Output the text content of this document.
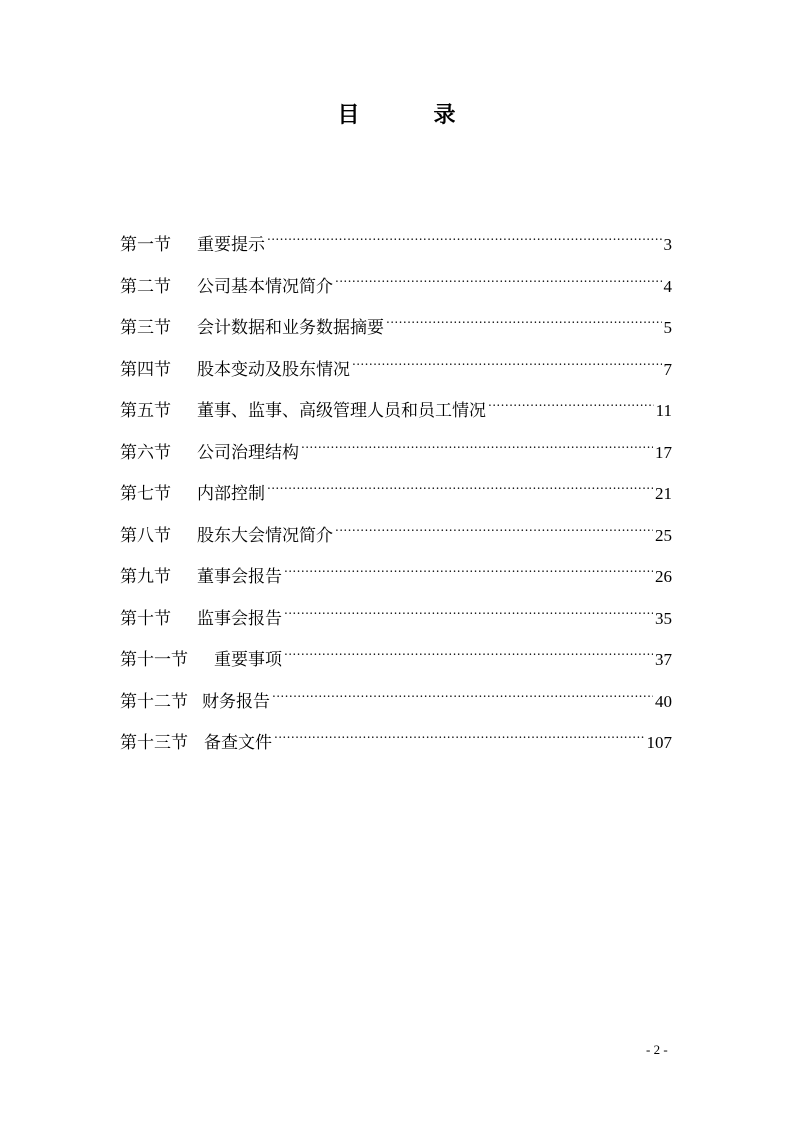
目	录
第一节	重要提示 .....	3
第二节	公司基本情况简介 .....	4
第三节	会计数据和业务数据摘要 .....	5
第四节	股本变动及股东情况 .....	7
第五节	董事、监事、高级管理人员和员工情况 .....	11
第六节	公司治理结构 .....	17
第七节	内部控制 .....	21
第八节	股东大会情况简介 .....	25
第九节	董事会报告 .....	26
第十节	监事会报告 .....	35
第十一节	重要事项 .....	37
第十二节 财务报告 .....	40
第十三节 备查文件 .....	107
- 2 -
